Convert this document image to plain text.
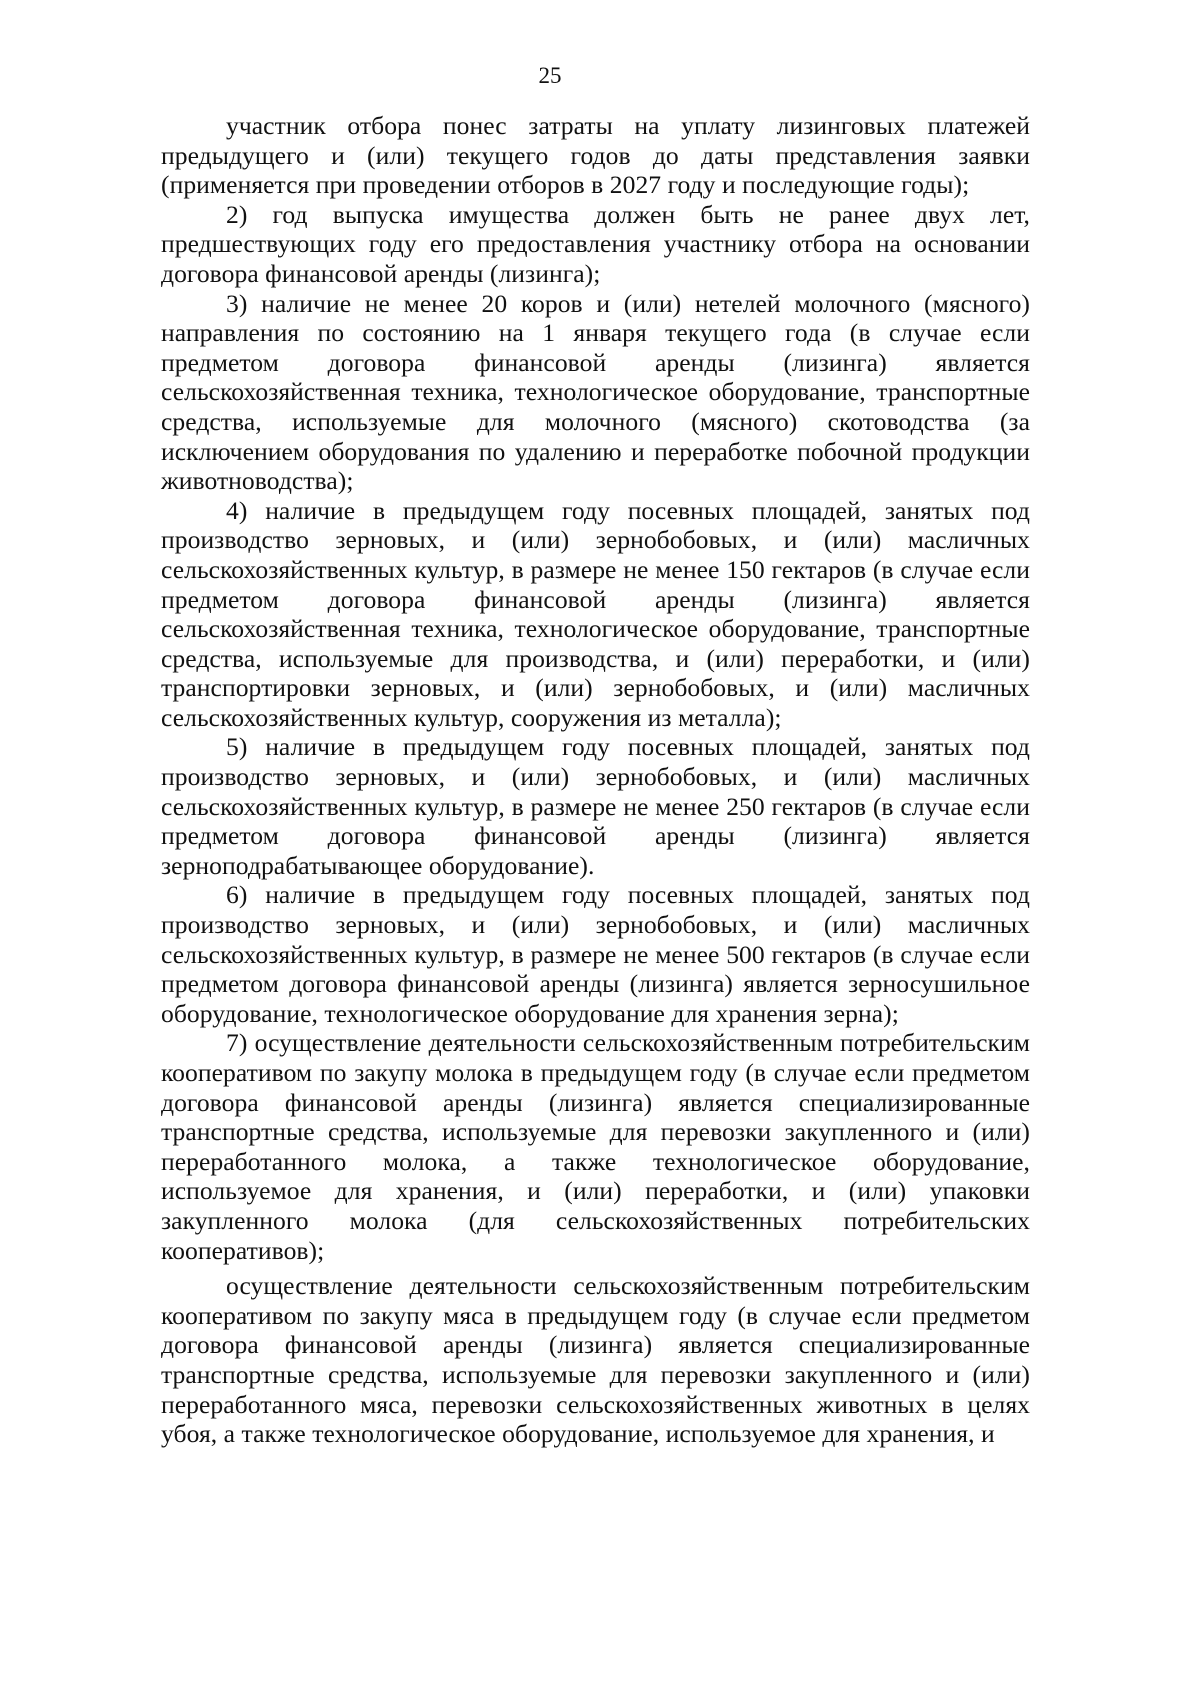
25

участник отбора понес затраты на уплату лизинговых платежей предыдущего и (или) текущего годов до даты представления заявки (применяется при проведении отборов в 2027 году и последующие годы);

2) год выпуска имущества должен быть не ранее двух лет, предшествующих году его предоставления участнику отбора на основании договора финансовой аренды (лизинга);

3) наличие не менее 20 коров и (или) нетелей молочного (мясного) направления по состоянию на 1 января текущего года (в случае если предметом договора финансовой аренды (лизинга) является сельскохозяйственная техника, технологическое оборудование, транспортные средства, используемые для молочного (мясного) скотоводства (за исключением оборудования по удалению и переработке побочной продукции животноводства);

4) наличие в предыдущем году посевных площадей, занятых под производство зерновых, и (или) зернобобовых, и (или) масличных сельскохозяйственных культур, в размере не менее 150 гектаров (в случае если предметом договора финансовой аренды (лизинга) является сельскохозяйственная техника, технологическое оборудование, транспортные средства, используемые для производства, и (или) переработки, и (или) транспортировки зерновых, и (или) зернобобовых, и (или) масличных сельскохозяйственных культур, сооружения из металла);

5) наличие в предыдущем году посевных площадей, занятых под производство зерновых, и (или) зернобобовых, и (или) масличных сельскохозяйственных культур, в размере не менее 250 гектаров (в случае если предметом договора финансовой аренды (лизинга) является зерноподрабатывающее оборудование).

6) наличие в предыдущем году посевных площадей, занятых под производство зерновых, и (или) зернобобовых, и (или) масличных сельскохозяйственных культур, в размере не менее 500 гектаров (в случае если предметом договора финансовой аренды (лизинга) является зерносушильное оборудование, технологическое оборудование для хранения зерна);

7) осуществление деятельности сельскохозяйственным потребительским кооперативом по закупу молока в предыдущем году (в случае если предметом договора финансовой аренды (лизинга) является специализированные транспортные средства, используемые для перевозки закупленного и (или) переработанного молока, а также технологическое оборудование, используемое для хранения, и (или) переработки, и (или) упаковки закупленного молока (для сельскохозяйственных потребительских кооперативов);

осуществление деятельности сельскохозяйственным потребительским кооперативом по закупу мяса в предыдущем году (в случае если предметом договора финансовой аренды (лизинга) является специализированные транспортные средства, используемые для перевозки закупленного и (или) переработанного мяса, перевозки сельскохозяйственных животных в целях убоя, а также технологическое оборудование, используемое для хранения, и
